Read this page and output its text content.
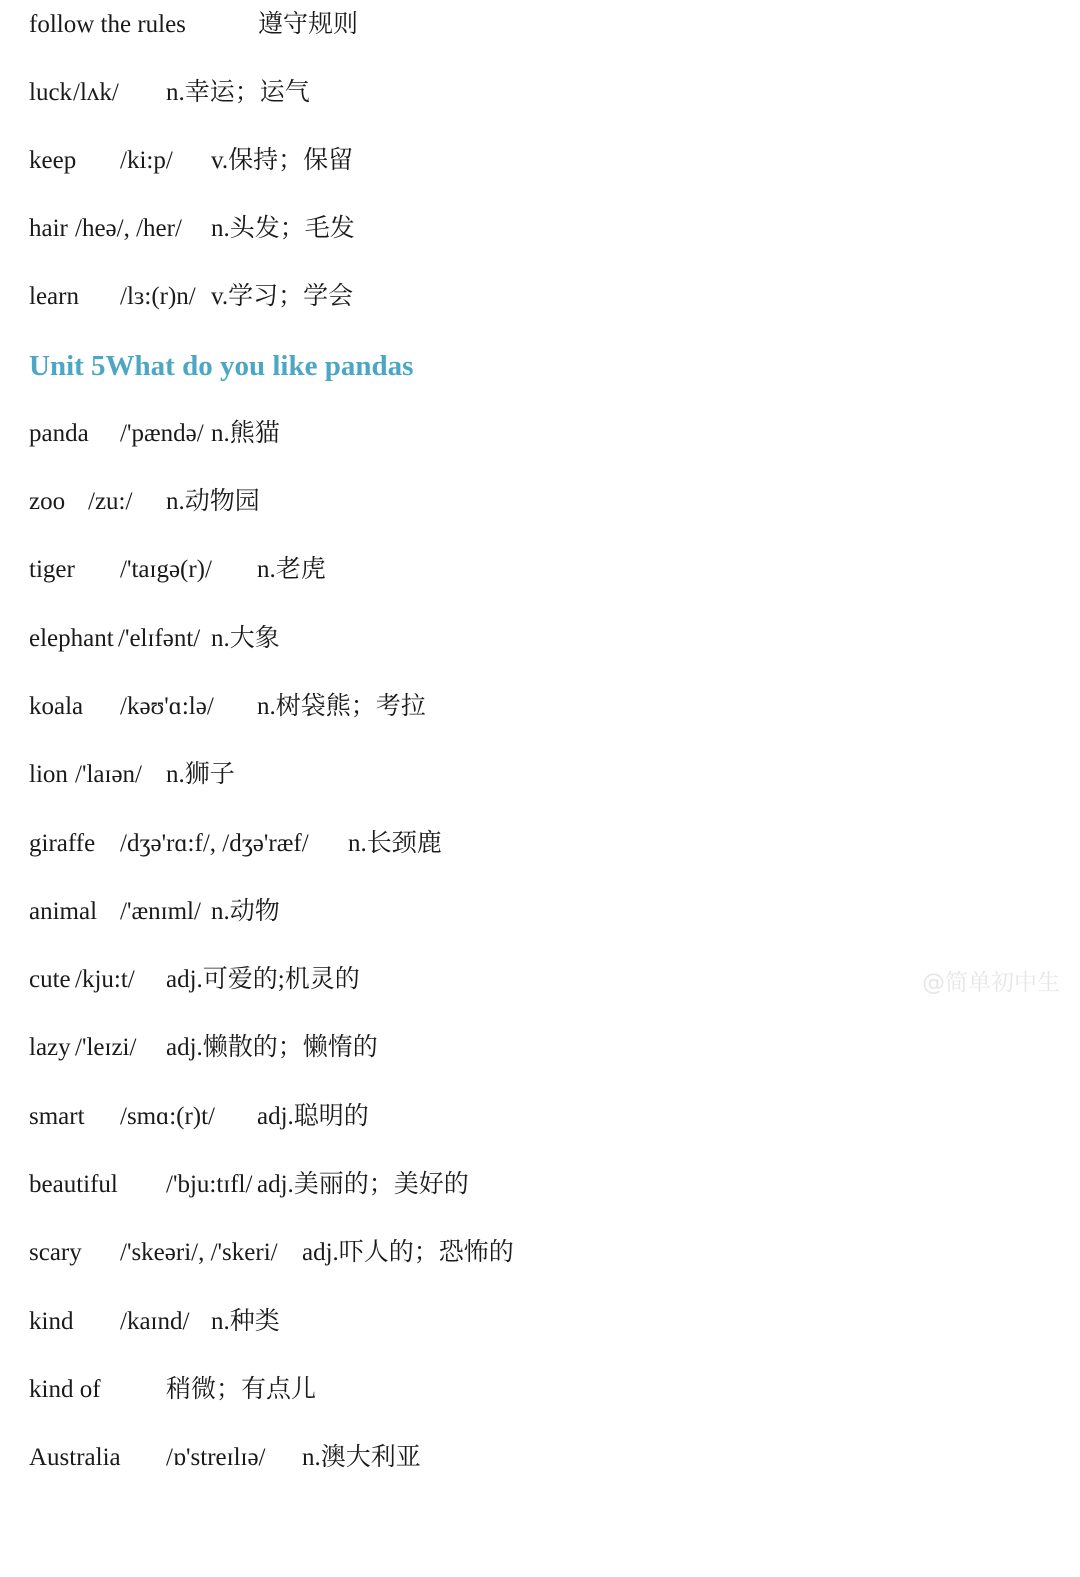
follow the rules

	遵守规则

luck

/lʌk/

n.幸运；运气

keep

/ki:p/

v.保持；保留

hair

/heə/, /her/

n.头发；毛发

learn

/lɜ:(r)n/

v.学习；学会

Unit 5What do you like pandas

panda

/'pændə/

n.熊猫

zoo

/zu:/

n.动物园

tiger

/'taɪgə(r)/

n.老虎

elephant

/'elɪfənt/

n.大象

koala

/kəʊ'ɑ:lə/

n.树袋熊；考拉

lion

/'laɪən/

n.狮子

giraffe

/dʒə'rɑ:f/, /dʒə'ræf/

n.长颈鹿

animal

/'ænɪml/

n.动物

cute

/kju:t/

adj.可爱的;机灵的

lazy

/'leɪzi/

adj.懒散的；懒惰的

smart

/smɑ:(r)t/

adj.聪明的

beautiful

/'bju:tɪfl/

adj.美丽的；美好的

scary

/'skeəri/, /'skeri/

adj.吓人的；恐怖的

kind

/kaɪnd/

n.种类

kind of

	稍微；有点儿

Australia

/ɒ'streɪlɪə/

n.澳大利亚

@简单初中生
